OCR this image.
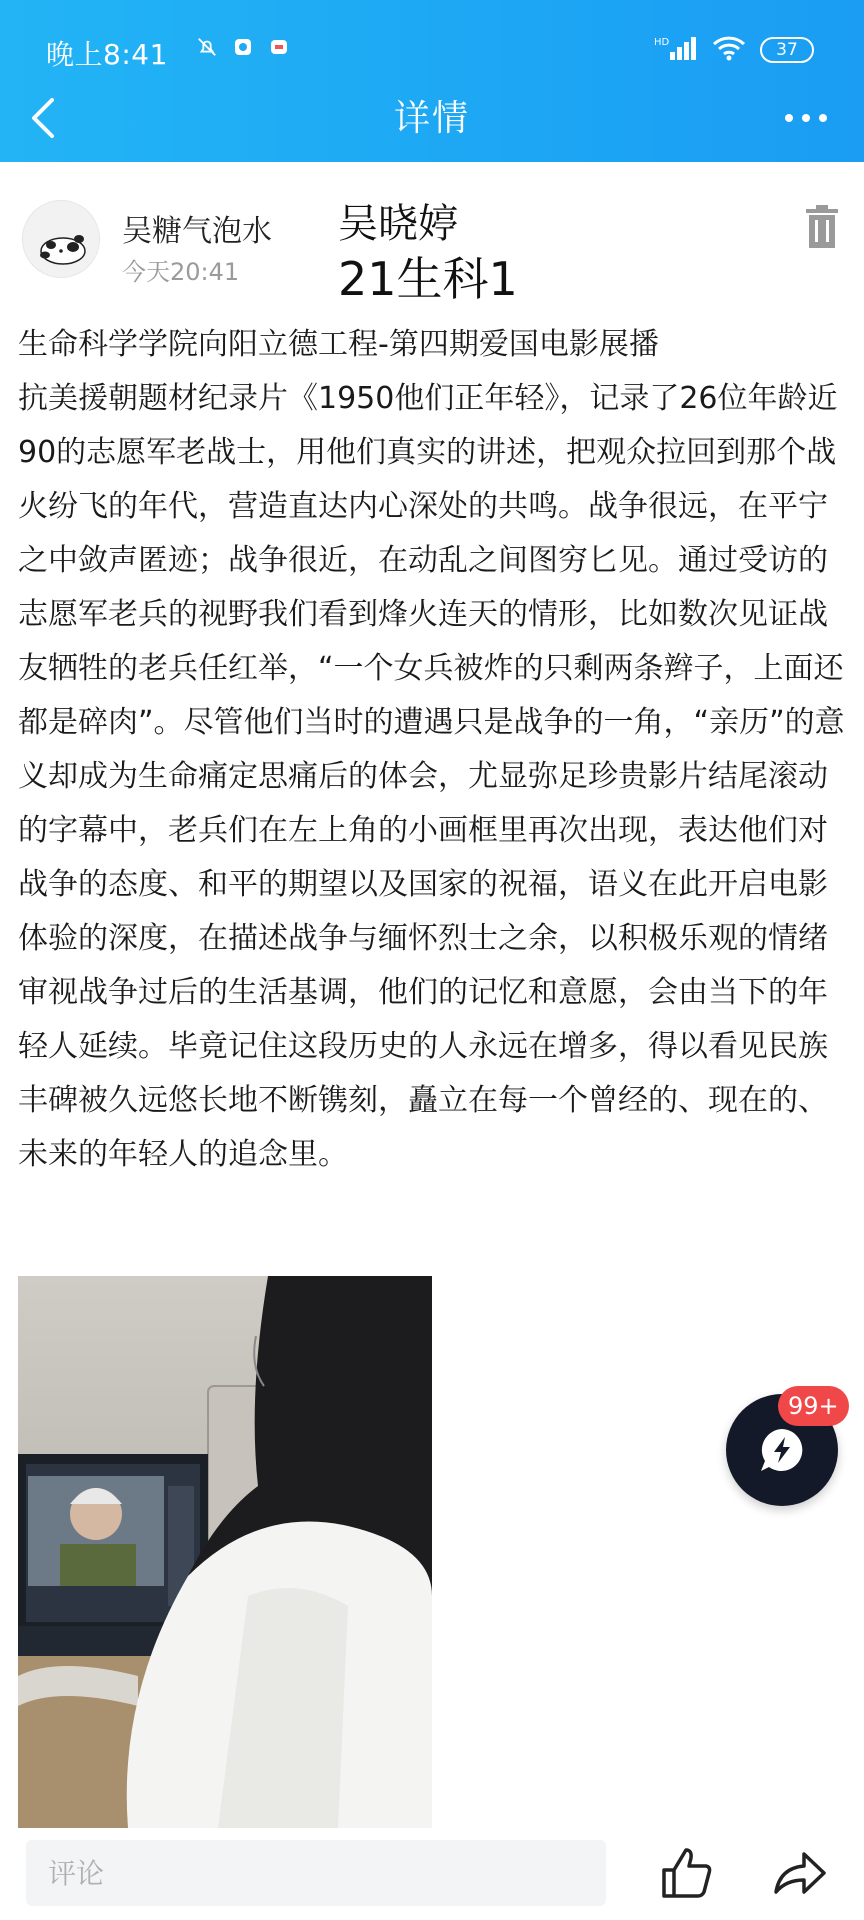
晚上8:41	HD	37
详情
吴糖气泡水
今天20:41
吴晓婷
21生科1
生命科学学院向阳立德工程-第四期爱国电影展播
抗美援朝题材纪录片《1950他们正年轻》，记录了26位年龄近90的志愿军老战士，用他们真实的讲述，把观众拉回到那个战火纷飞的年代，营造直达内心深处的共鸣。战争很远，在平宁之中敛声匿迹；战争很近，在动乱之间图穷匕见。通过受访的志愿军老兵的视野我们看到烽火连天的情形，比如数次见证战友牺牲的老兵任红举，“一个女兵被炸的只剩两条辫子，上面还都是碎肉”。尽管他们当时的遭遇只是战争的一角，“亲历”的意义却成为生命痛定思痛后的体会，尤显弥足珍贵影片结尾滚动的字幕中，老兵们在左上角的小画框里再次出现，表达他们对战争的态度、和平的期望以及国家的祝福，语义在此开启电影体验的深度，在描述战争与缅怀烈士之余，以积极乐观的情绪审视战争过后的生活基调，他们的记忆和意愿，会由当下的年轻人延续。毕竟记住这段历史的人永远在增多，得以看见民族丰碑被久远悠长地不断镌刻，矗立在每一个曾经的、现在的、未来的年轻人的追念里。
99+
评论
